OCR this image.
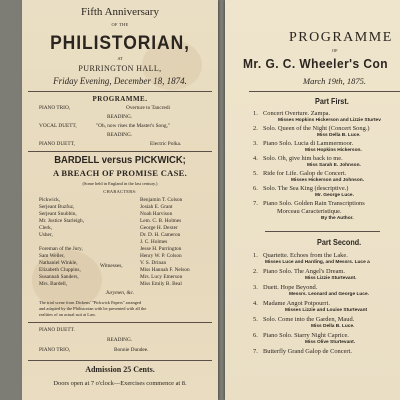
Fifth Anniversary
OF THE
PHILISTORIAN,
AT
PURRINGTON HALL,
Friday Evening, December 18, 1874.
PROGRAMME.
PIANO TRIO,	Overture to Tancredi
READING.
VOCAL DUETT,	"Oh, now rises the Master's Song,"
READING.
PIANO DUETT,	Electric Polka.
BARDELL versus PICKWICK;
A BREACH OF PROMISE CASE.
(Some held in England in the last century.)
CHARACTERS:
Pickwick,	Benjamin T. Colson
Serjeant Buzfuz,	Josiah E. Grant
Serjeant Snubbin,	Noah Harvison
Mr. Justice Starleigh,	Lem. C. B. Holmes
Clerk,	George H. Dexter
Usher,	Dr. D. H. Cameron
J. C. Holmes
Foreman of the Jury,	Jesse H. Purrington
Sam Weller,	Henry W. P. Colson
Nathaniel Winkle,	V. S. Drinan
Elizabeth Cluppins,	Miss Hannah F. Nelson
Susannah Sanders,	Mrs. Lucy Emerson
Mrs. Bardell,	Miss Emily B. Beal
Witnesses,
Jurymen, &c.
The trial scene from Dickens' "Pickwick Papers" arranged
and adapted by the Philistorian with be presented with all the
realities of an actual suit at Law.
PIANO DUETT.
READING.
PIANO TRIO,	Bonnie Dundee.
Admission 25 Cents.
Doors open at 7 o'clock—Exercises commence at 8.
PROGRAMME
OF
Mr. G. C. Wheeler's Con
March 19th, 1875.
Part First.
1. Concert Overture. Zampa.
Misses Hopkins Hickerson and Lizzie Sturtev
2. Solo. Queen of the Night (Concert Song.)
Miss Della B. Luce.
3. Piano Solo. Lucia di Lammermoor.
Miss Hopkins Hickerson.
4. Solo. Oh, give him back to me.
Miss Sarah E. Johnson.
5. Ride for Life. Galop de Concert.
Misses Hickerson and Johnson.
6. Solo. The Sea King (descriptive.)
Mr. George Luce.
7. Piano Solo. Golden Rain Transcriptions
Morceau Caracteristique.
By the Author.
Part Second.
1. Quartette. Echoes from the Lake.
Misses Luce and Harding, and Messrs. Luce a
2. Piano Solo. The Angel's Dream.
Miss Lizzie Sturtevant.
3. Duett. Hope Beyond.
Messrs. Leonard and George Luce.
4. Madame Angot Potpourri.
Misses Lizzie and Louise Sturtevant
5. Solo. Come into the Garden, Maud.
Miss Della B. Luce.
6. Piano Solo. Starry Night Caprice.
Miss Olive Sturtevant.
7. Butterfly Grand Galop de Concert.
